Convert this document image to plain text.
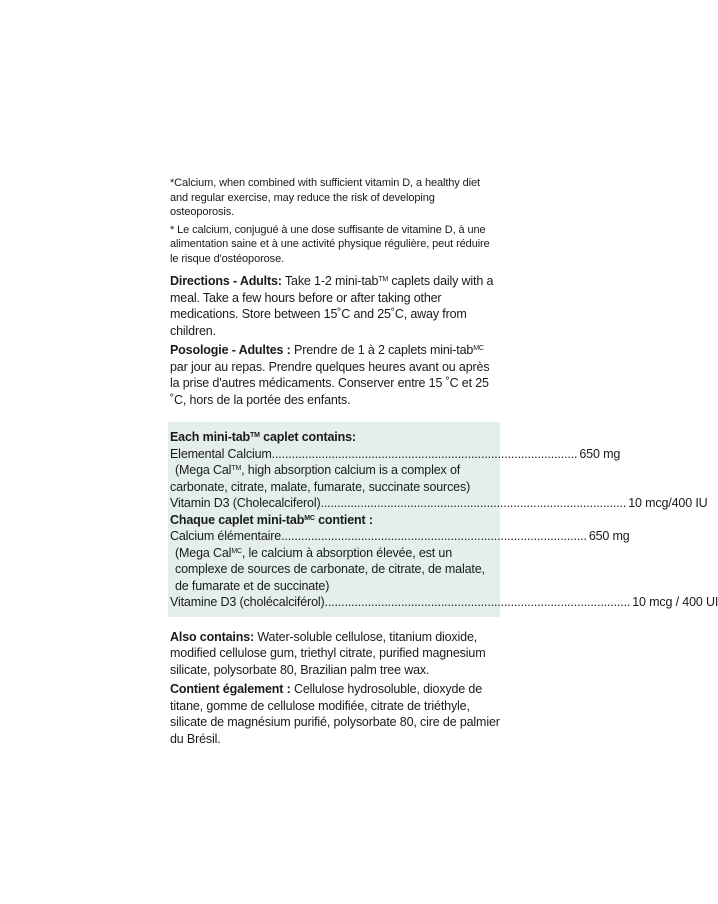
*Calcium, when combined with sufficient vitamin D, a healthy diet and regular exercise, may reduce the risk of developing osteoporosis.

* Le calcium, conjugué à une dose suffisante de vitamine D, à une alimentation saine et à une activité physique régulière, peut réduire le risque d'ostéoporose.

Directions - Adults: Take 1-2 mini-tab™ caplets daily with a meal. Take a few hours before or after taking other medications. Store between 15˚C and 25˚C, away from children.

Posologie - Adultes : Prendre de 1 à 2 caplets mini-tab$^{MC}$ par jour au repas. Prendre quelques heures avant ou après la prise d'autres médicaments. Conserver entre 15 ˚C et 25 ˚C, hors de la portée des enfants.

Each mini-tab™ caplet contains:
Elemental Calcium ............................................................................................ 650 mg
(Mega Cal™, high absorption calcium is a complex of
carbonate, citrate, malate, fumarate, succinate sources)
Vitamin D3 (Cholecalciferol) ............................................................................................ 10 mcg/400 IU
Chaque caplet mini-tab$^{MC}$ contient :
Calcium élémentaire ............................................................................................ 650 mg
(Mega Cal$^{MC}$, le calcium à absorption élevée, est un
complexe de sources de carbonate, de citrate, de malate,
de fumarate et de succinate)
Vitamine D3 (cholécalciférol) ............................................................................................ 10 mcg / 400 UI

Also contains: Water-soluble cellulose, titanium dioxide, modified cellulose gum, triethyl citrate, purified magnesium silicate, polysorbate 80, Brazilian palm tree wax.

Contient également : Cellulose hydrosoluble, dioxyde de titane, gomme de cellulose modifiée, citrate de triéthyle, silicate de magnésium purifié, polysorbate 80, cire de palmier du Brésil.
